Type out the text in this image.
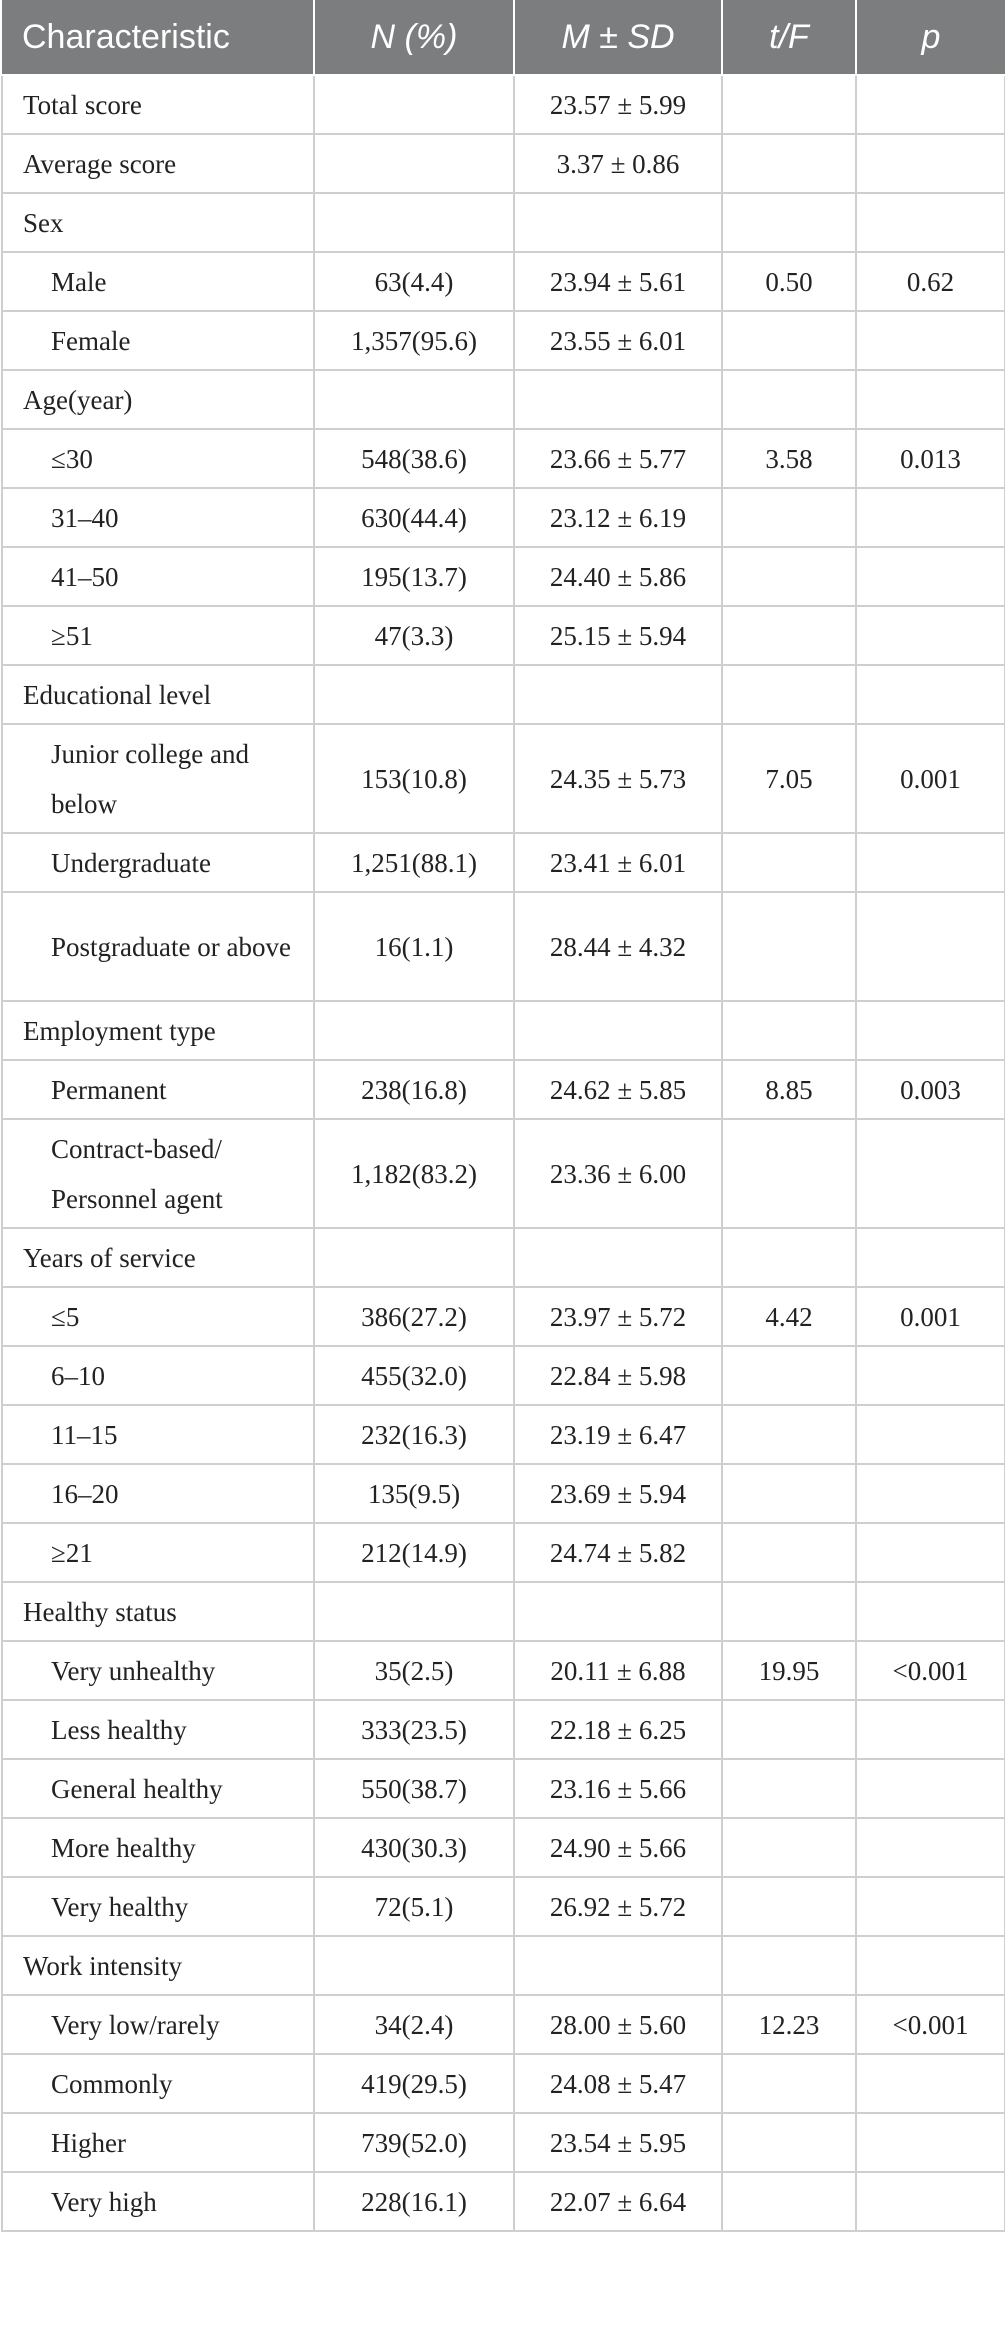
Characteristic	N (%)	M ± SD	t/F	p
Total score		23.57 ± 5.99		
Average score		3.37 ± 0.86		
Sex				
Male	63(4.4)	23.94 ± 5.61	0.50	0.62
Female	1,357(95.6)	23.55 ± 6.01		
Age(year)				
≤30	548(38.6)	23.66 ± 5.77	3.58	0.013
31–40	630(44.4)	23.12 ± 6.19		
41–50	195(13.7)	24.40 ± 5.86		
≥51	47(3.3)	25.15 ± 5.94		
Educational level				
Junior college and below	153(10.8)	24.35 ± 5.73	7.05	0.001
Undergraduate	1,251(88.1)	23.41 ± 6.01		
Postgraduate or above	16(1.1)	28.44 ± 4.32		
Employment type				
Permanent	238(16.8)	24.62 ± 5.85	8.85	0.003
Contract-based/ Personnel agent	1,182(83.2)	23.36 ± 6.00		
Years of service				
≤5	386(27.2)	23.97 ± 5.72	4.42	0.001
6–10	455(32.0)	22.84 ± 5.98		
11–15	232(16.3)	23.19 ± 6.47		
16–20	135(9.5)	23.69 ± 5.94		
≥21	212(14.9)	24.74 ± 5.82		
Healthy status				
Very unhealthy	35(2.5)	20.11 ± 6.88	19.95	<0.001
Less healthy	333(23.5)	22.18 ± 6.25		
General healthy	550(38.7)	23.16 ± 5.66		
More healthy	430(30.3)	24.90 ± 5.66		
Very healthy	72(5.1)	26.92 ± 5.72		
Work intensity				
Very low/rarely	34(2.4)	28.00 ± 5.60	12.23	<0.001
Commonly	419(29.5)	24.08 ± 5.47		
Higher	739(52.0)	23.54 ± 5.95		
Very high	228(16.1)	22.07 ± 6.64		
